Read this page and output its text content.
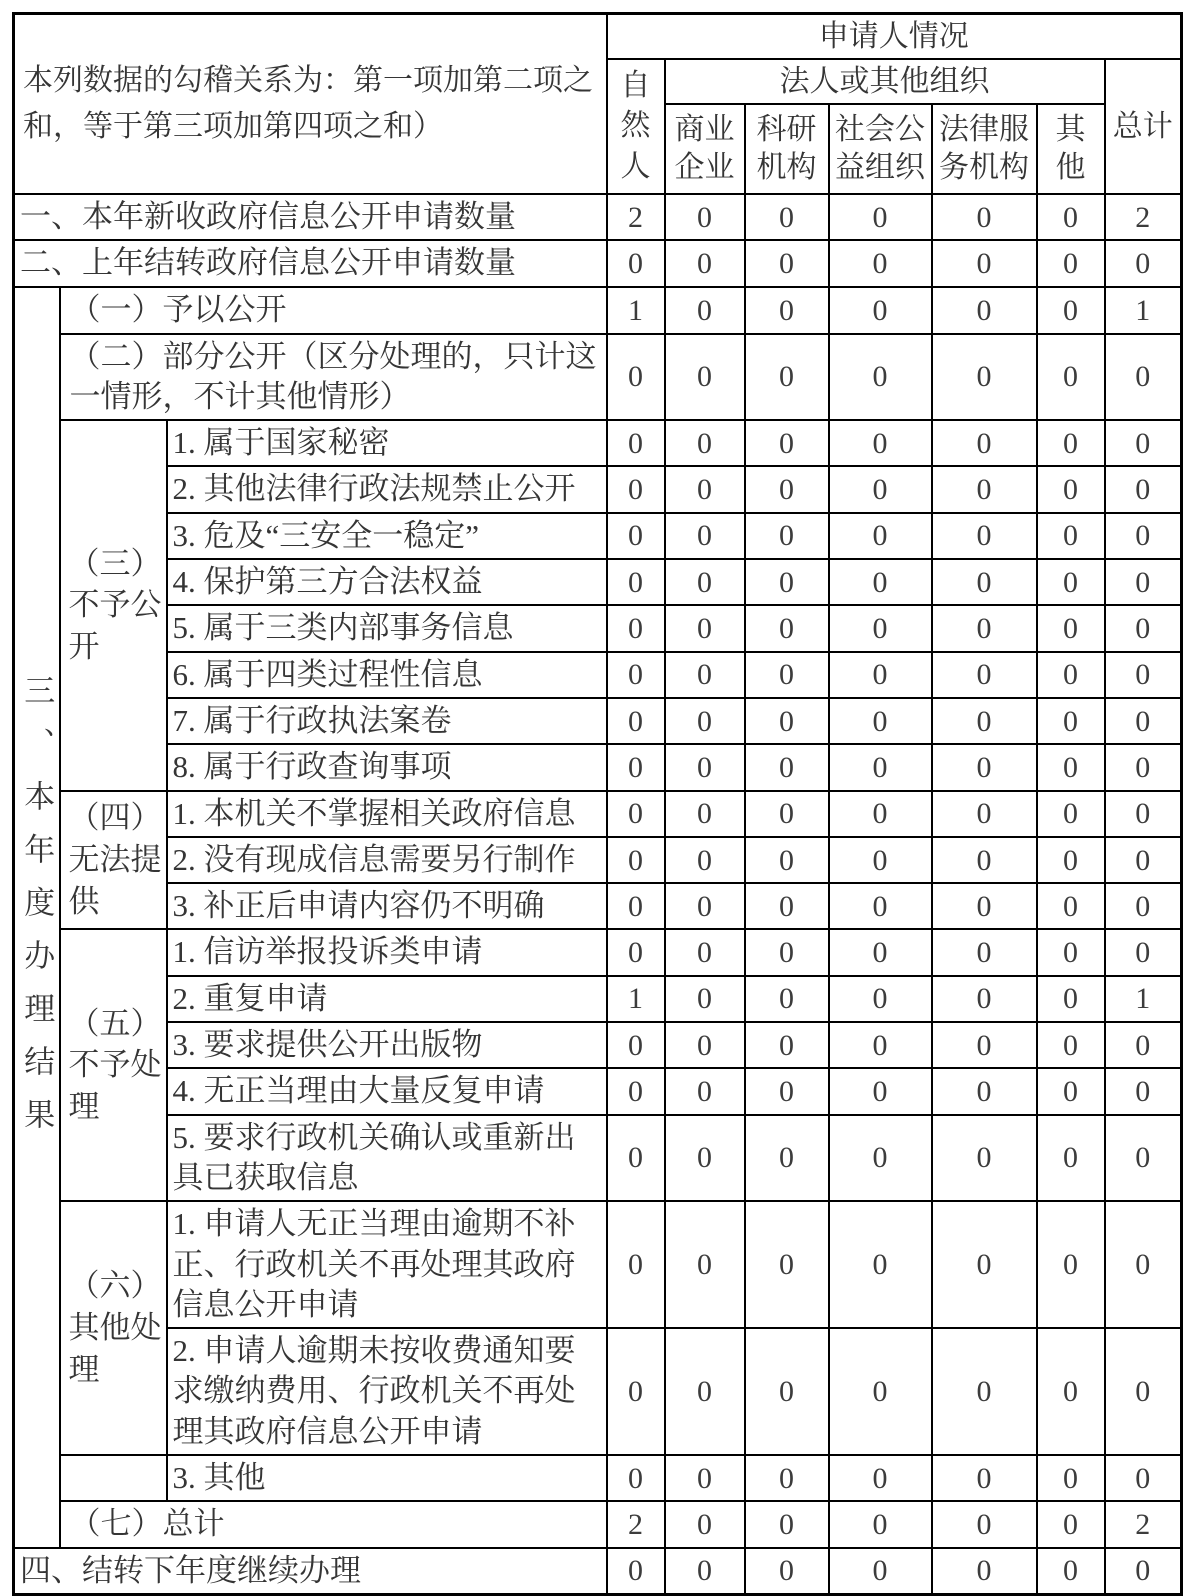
本列数据的勾稽关系为：第一项加第二项之和，等于第三项加第四项之和）			申请人情况						
			自然人	法人或其他组织					总计
				商业企业	科研机构	社会公益组织	法律服务机构	其他	
一、本年新收政府信息公开申请数量			2	0	0	0	0	0	2
二、上年结转政府信息公开申请数量			0	0	0	0	0	0	0
三、本年度办理结果	（一）予以公开		1	0	0	0	0	0	1
	（二）部分公开（区分处理的，只计这一情形，不计其他情形）		0	0	0	0	0	0	0
	（三）不予公开	1. 属于国家秘密	0	0	0	0	0	0	0
		2. 其他法律行政法规禁止公开	0	0	0	0	0	0	0
		3. 危及“三安全一稳定”	0	0	0	0	0	0	0
		4. 保护第三方合法权益	0	0	0	0	0	0	0
		5. 属于三类内部事务信息	0	0	0	0	0	0	0
		6. 属于四类过程性信息	0	0	0	0	0	0	0
		7. 属于行政执法案卷	0	0	0	0	0	0	0
		8. 属于行政查询事项	0	0	0	0	0	0	0
	（四）无法提供	1. 本机关不掌握相关政府信息	0	0	0	0	0	0	0
		2. 没有现成信息需要另行制作	0	0	0	0	0	0	0
		3. 补正后申请内容仍不明确	0	0	0	0	0	0	0
	（五）不予处理	1. 信访举报投诉类申请	0	0	0	0	0	0	0
		2. 重复申请	1	0	0	0	0	0	1
		3. 要求提供公开出版物	0	0	0	0	0	0	0
		4. 无正当理由大量反复申请	0	0	0	0	0	0	0
		5. 要求行政机关确认或重新出具已获取信息	0	0	0	0	0	0	0
	（六）其他处理	1. 申请人无正当理由逾期不补正、行政机关不再处理其政府信息公开申请	0	0	0	0	0	0	0
		2. 申请人逾期未按收费通知要求缴纳费用、行政机关不再处理其政府信息公开申请	0	0	0	0	0	0	0
		3. 其他	0	0	0	0	0	0	0
	（七）总计		2	0	0	0	0	0	2
四、结转下年度继续办理			0	0	0	0	0	0	0
